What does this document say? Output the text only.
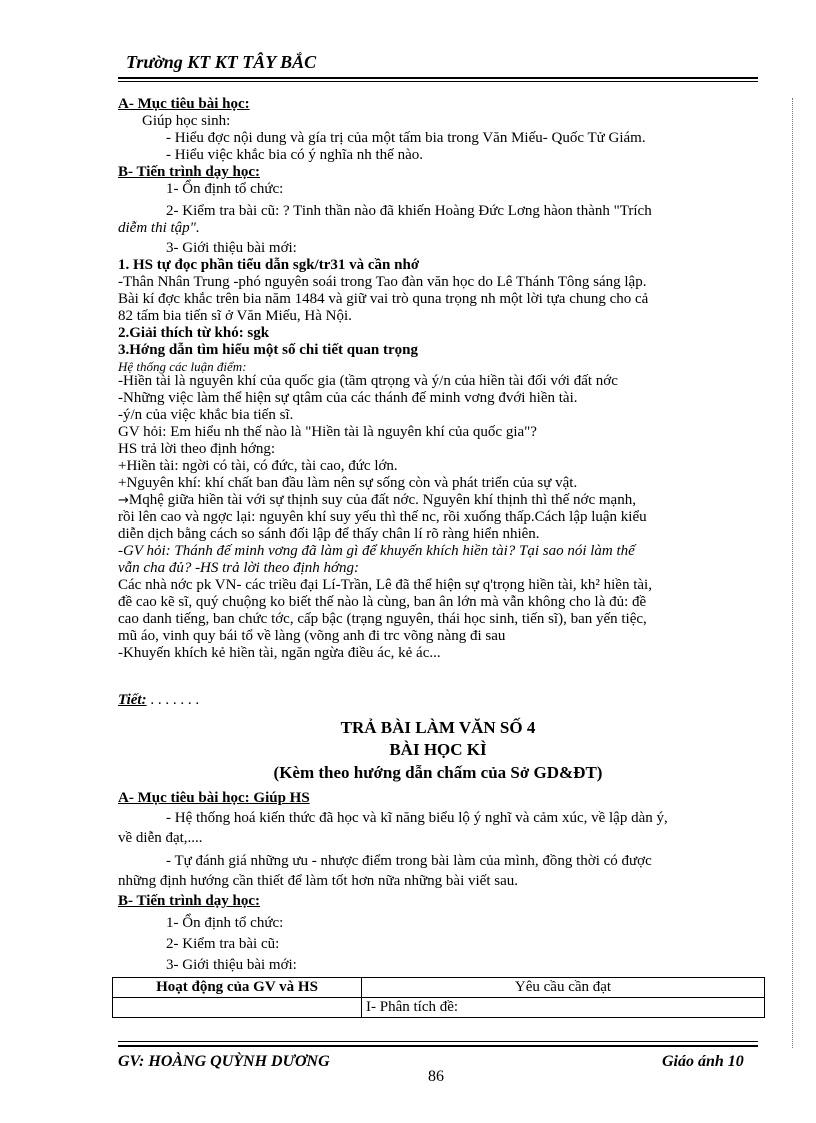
Trường KT KT TÂY BẮC
A- Mục tiêu bài học:
Giúp học sinh:
- Hiểu đợc nội dung và gía trị của một tấm bia trong Văn Miếu- Quốc Tử Giám.
- Hiểu việc khắc bia có ý nghĩa nh thế nào.
B- Tiến trình dạy học:
1- Ổn định tổ chức:
2- Kiểm tra bài cũ: ? Tinh thần nào đã khiến Hoàng Đức Lơng hàon thành "Trích
diễm thi tập".
3- Giới thiệu bài mới:
1. HS tự đọc phần tiểu dẫn sgk/tr31 và cần nhớ
-Thân Nhân Trung -phó nguyên soái trong Tao đàn văn học do Lê Thánh Tông sáng lập.
Bài kí đợc khắc trên bia năm 1484 và giữ vai trò quna trọng nh một lời tựa chung cho cả
82 tấm bia tiến sĩ ở Văn Miếu, Hà Nội.
2.Giải thích từ khó: sgk
3.Hớng dẫn tìm hiểu một số chi tiết quan trọng
Hệ thống các luận điểm:
-Hiền tài là nguyên khí của quốc gia (tầm qtrọng và ý/n của hiền tài đối với đất nớc
-Những việc làm thể hiện sự qtâm của các thánh đế minh vơng đvới hiền tài.
-ý/n của việc khắc bia tiến sĩ.
GV hỏi: Em hiểu nh thế nào là "Hiền tài là nguyên khí của quốc gia"?
HS trả lời theo định hớng:
+Hiền tài: ngời có tài, có đức, tài cao, đức lớn.
+Nguyên khí: khí chất ban đầu làm nên sự sống còn và phát triển của sự vật.
→Mqhệ giữa hiền tài với sự thịnh suy của đất nớc. Nguyên khí thịnh thì thế nớc mạnh,
rồi lên cao và ngợc lại: nguyên khí suy yếu thì thế nc, rồi xuống thấp.Cách lập luận kiểu
diễn dịch bằng cách so sánh đối lập để thấy chân lí rõ ràng hiển nhiên.
-GV hỏi: Thánh đế minh vơng đã làm gì để khuyến khích hiền tài? Tại sao nói làm thế
vẫn cha đủ? -HS trả lời theo định hớng:
Các nhà nớc pk VN- các triều đại Lí-Trần, Lê đã thể hiện sự q'trọng hiền tài, kh² hiền tài,
đề cao kẽ sĩ, quý chuộng ko biết thế nào là cùng, ban ân lớn mà vẫn không cho là đủ: đề
cao danh tiếng, ban chức tớc, cấp bậc (trạng nguyên, thái học sinh, tiến sĩ), ban yến tiệc,
mũ áo, vinh quy bái tổ về làng (võng anh đi trc võng nàng đi sau
-Khuyến khích kẻ hiền tài, ngăn ngừa điều ác, kẻ ác...
Tiết: . . . . . . .
TRẢ BÀI LÀM VĂN SỐ 4
BÀI HỌC KÌ
(Kèm theo hướng dẫn chấm của Sở GD&ĐT)
A- Mục tiêu bài học: Giúp HS
- Hệ thống hoá kiến thức đã học và kĩ năng biểu lộ ý nghĩ và cảm xúc, về lập dàn ý,
về diễn đạt,....
- Tự đánh giá những ưu - nhược điểm trong bài làm của mình, đồng thời có được
những định hướng cần thiết để làm tốt hơn nữa những bài viết sau.
B- Tiến trình dạy học:
1- Ổn định tổ chức:
2- Kiểm tra bài cũ:
3- Giới thiệu bài mới:
Hoạt động của GV và HS	Yêu cầu cần đạt
	I- Phân tích đề:
GV: HOÀNG QUỲNH DƯƠNG	Giáo ánh 10
86
